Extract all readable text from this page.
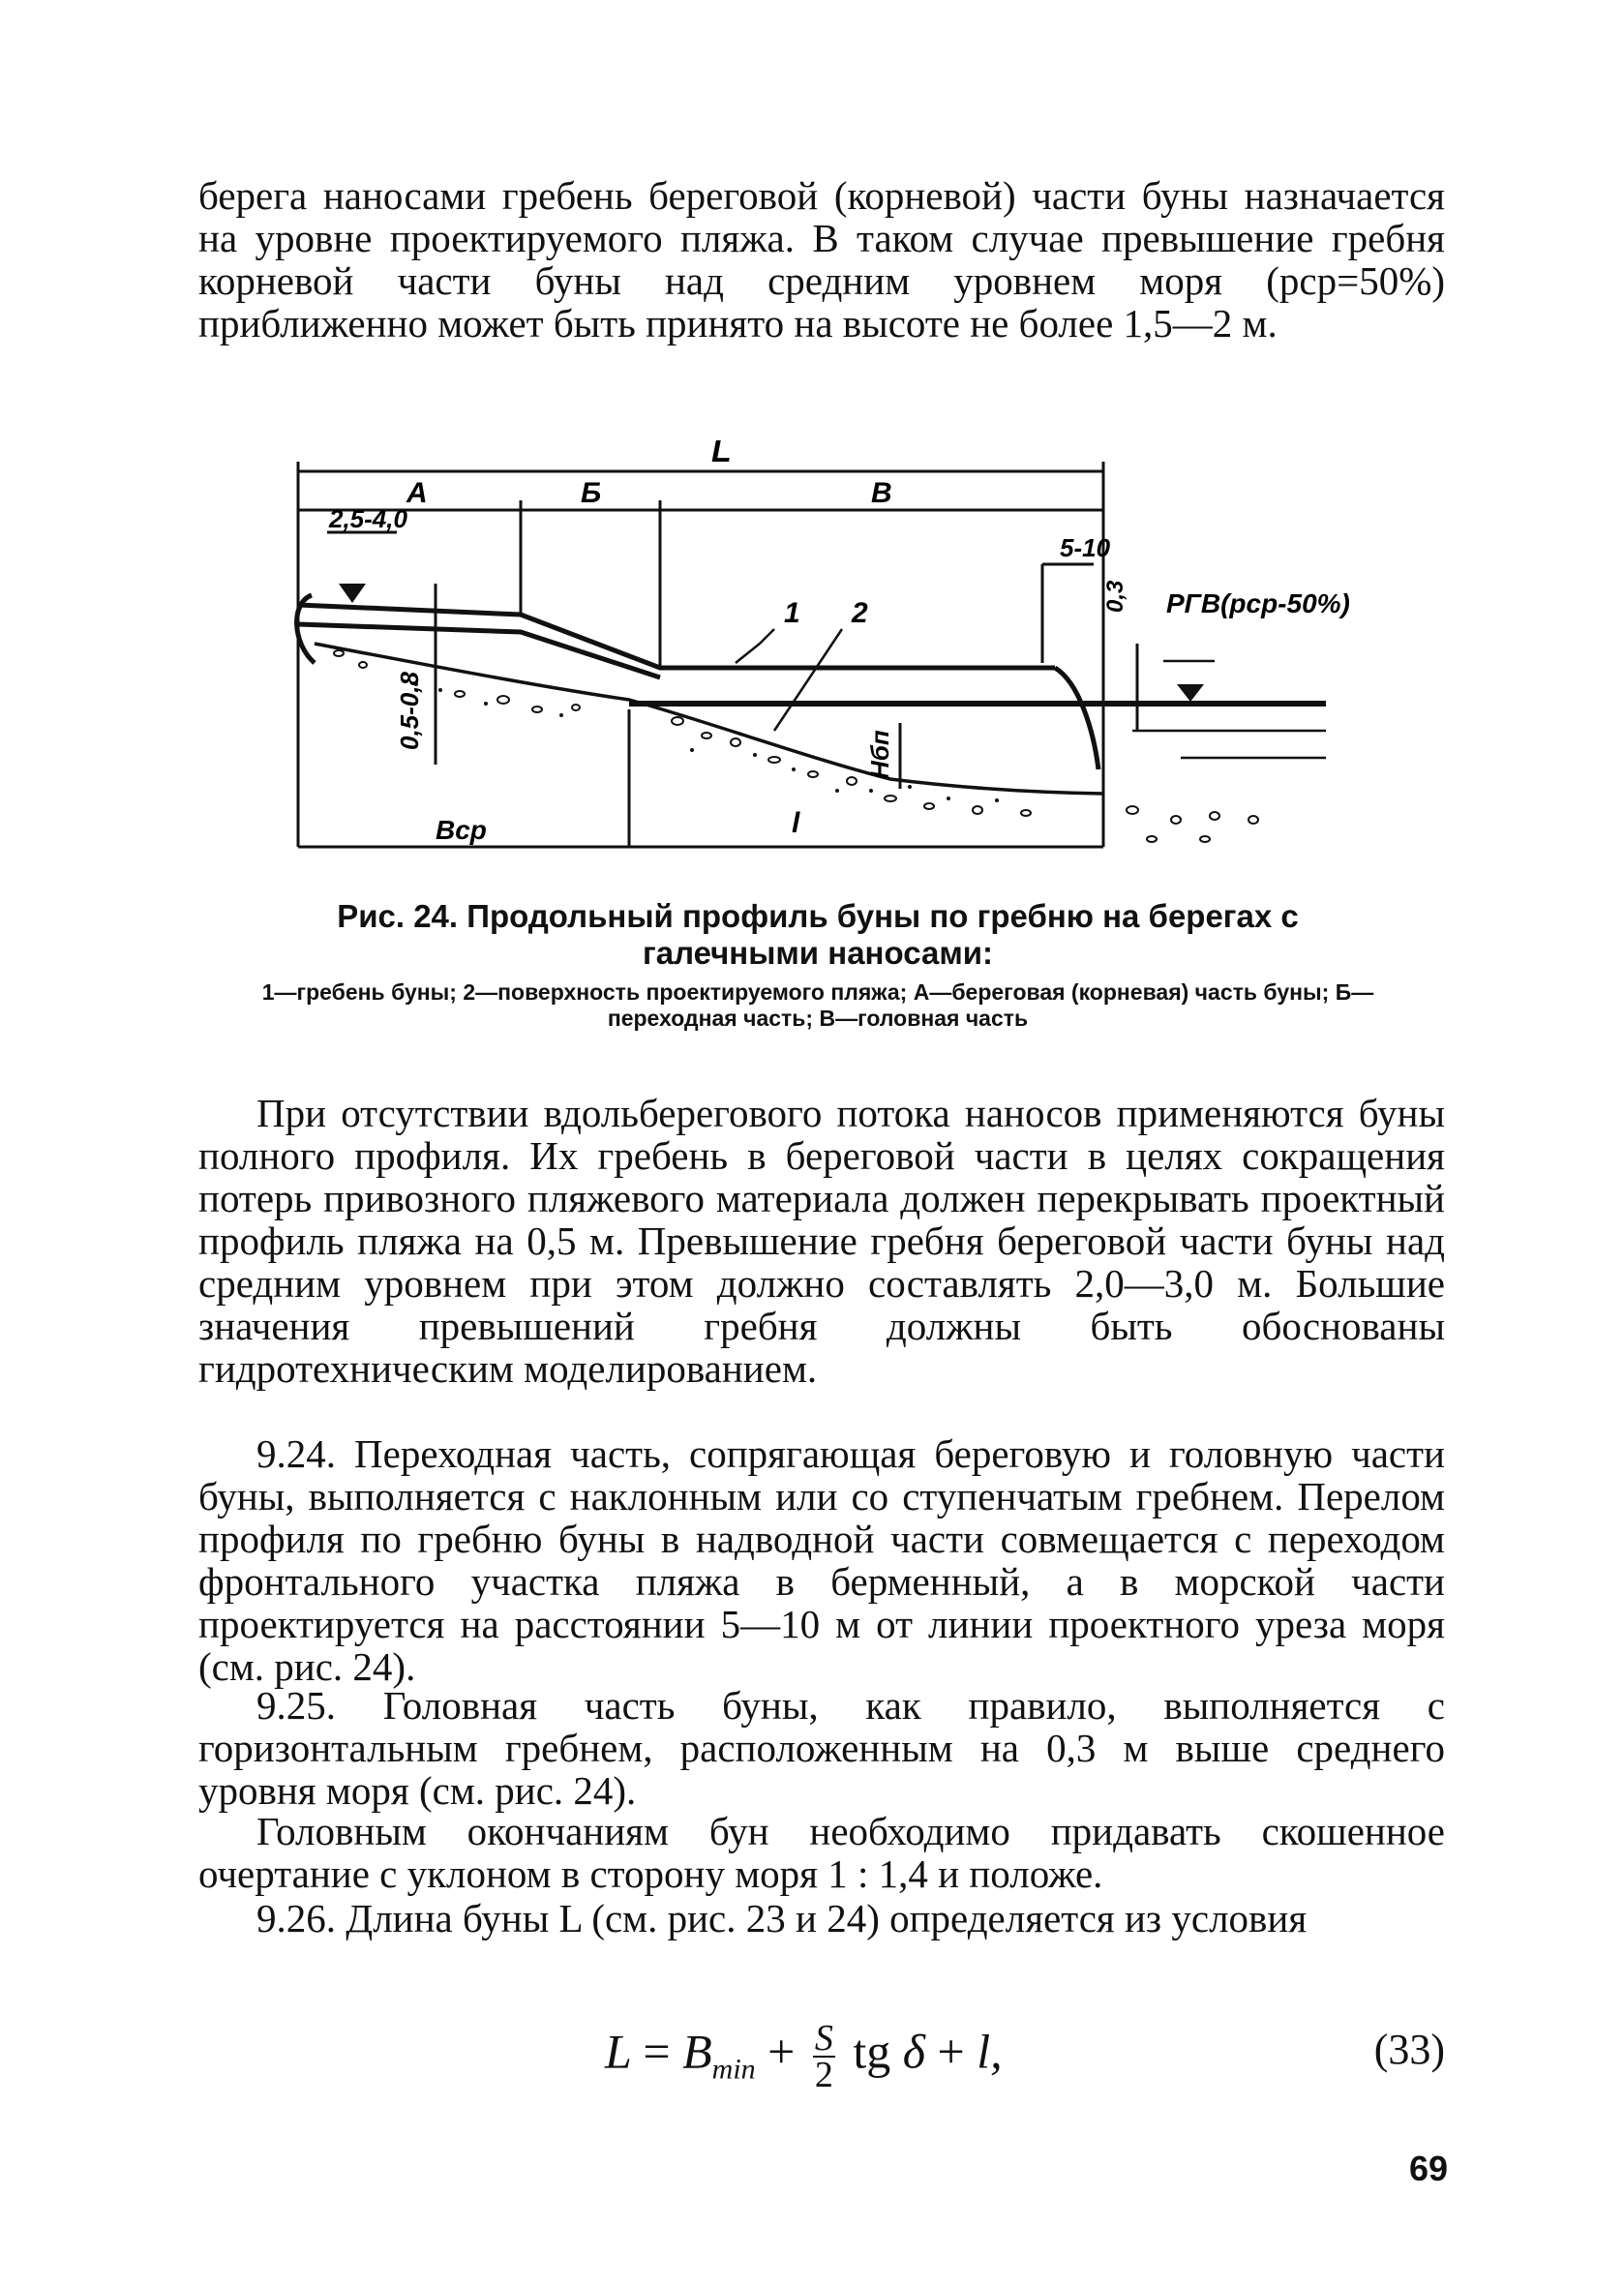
берега наносами гребень береговой (корневой) части буны назначается на уровне проектируемого пляжа. В таком случае превышение гребня корневой части буны над средним уровнем моря (pср=50%) приближенно может быть принято на высоте не более 1,5—2 м.

L
А	Б	В
2,5-4,0
0,5-0,8
5-10
0,3 РГВ(pср-50%)
1 2
Hбп
Bср	l

Рис. 24. Продольный профиль буны по гребню на берегах с галечными наносами:

1—гребень буны; 2—поверхность проектируемого пляжа; А—береговая (корневая) часть буны; Б—переходная часть; В—головная часть

При отсутствии вдольберегового потока наносов применяются буны полного профиля. Их гребень в береговой части в целях сокращения потерь привозного пляжевого материала должен перекрывать проектный профиль пляжа на 0,5 м. Превышение гребня береговой части буны над средним уровнем при этом должно составлять 2,0—3,0 м. Большие значения превышений гребня должны быть обоснованы гидротехническим моделированием.

9.24. Переходная часть, сопрягающая береговую и головную части буны, выполняется с наклонным или со ступенчатым гребнем. Перелом профиля по гребню буны в надводной части совмещается с переходом фронтального участка пляжа в берменный, а в морской части проектируется на расстоянии 5—10 м от линии проектного уреза моря (см. рис. 24).

9.25. Головная часть буны, как правило, выполняется с горизонтальным гребнем, расположенным на 0,3 м выше среднего уровня моря (см. рис. 24).

Головным окончаниям бун необходимо придавать скошенное очертание с уклоном в сторону моря 1 : 1,4 и положе.

9.26. Длина буны L (см. рис. 23 и 24) определяется из условия

$L = B_{min} + \frac{S}{2}$ tg δ + l,	(33)
69
